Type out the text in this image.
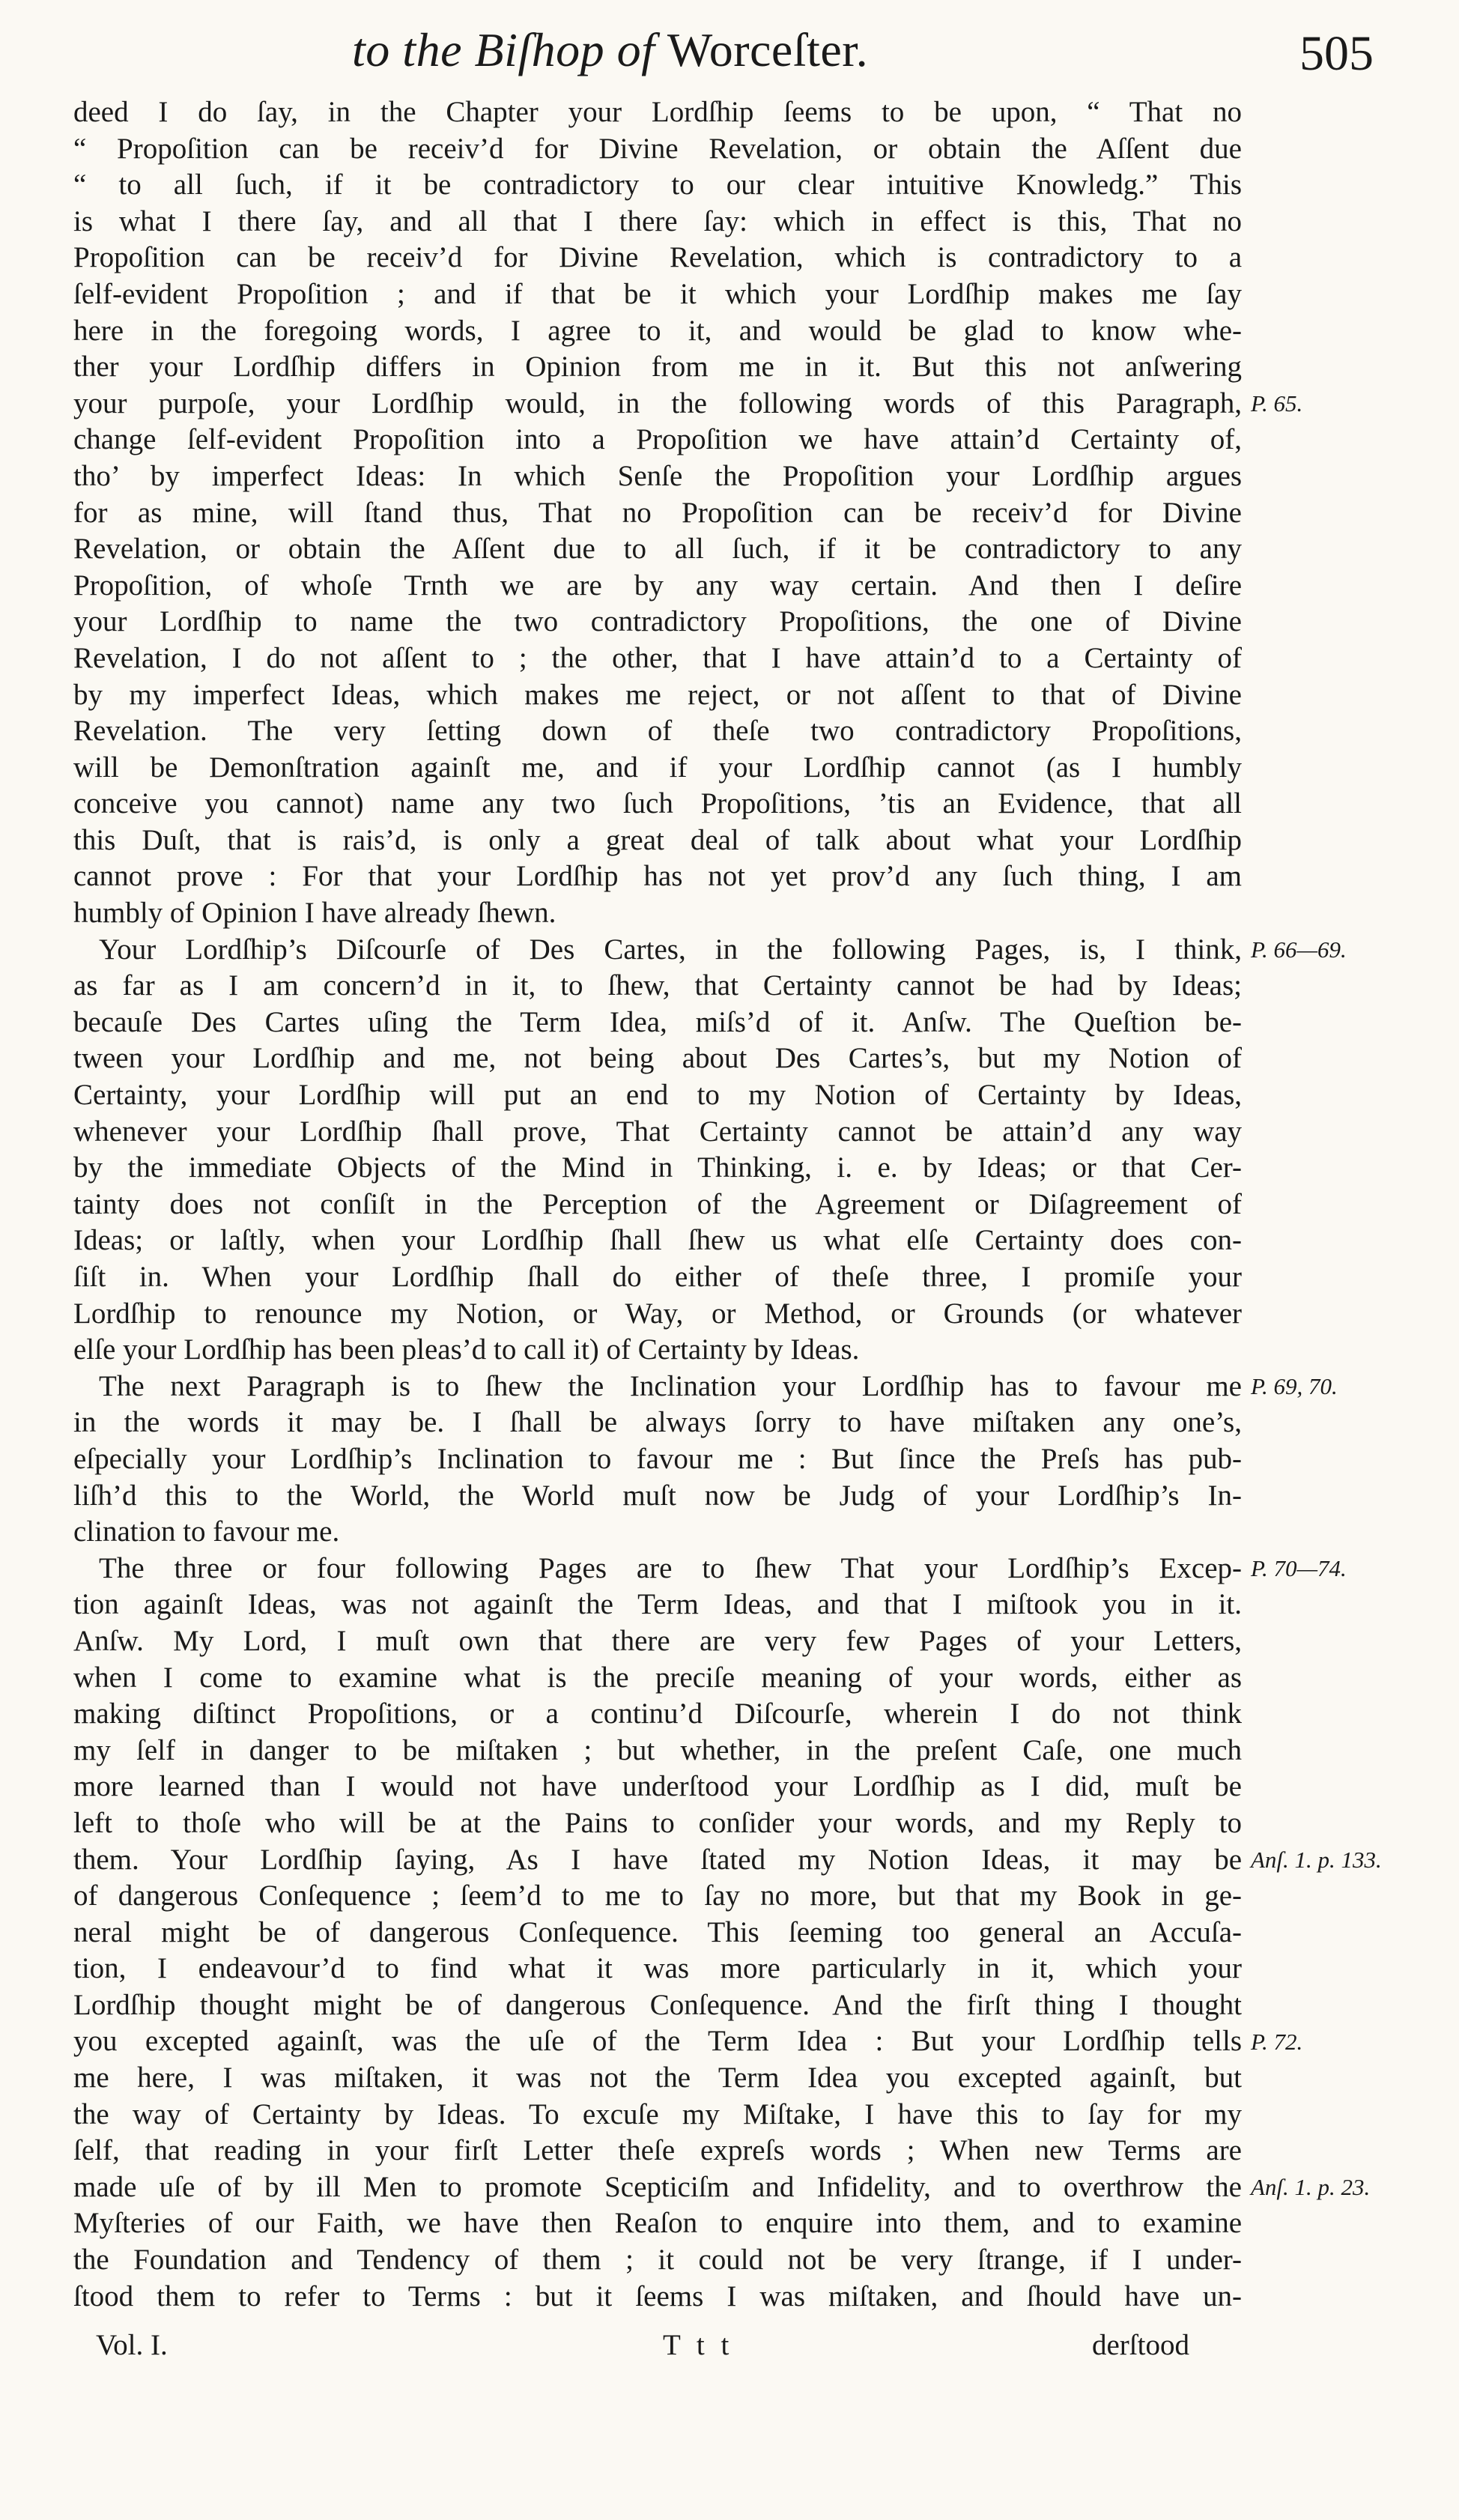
to the Biſhop of Worceſter.	505
deed I do ſay, in the Chapter your Lordſhip ſeems to be upon, “ That no
“ Propoſition can be receiv’d for Divine Revelation, or obtain the Aſſent due
“ to all ſuch, if it be contradictory to our clear intuitive Knowledg.” This
is what I there ſay, and all that I there ſay: which in effect is this, That no
Propoſition can be receiv’d for Divine Revelation, which is contradictory to a
ſelf-evident Propoſition ; and if that be it which your Lordſhip makes me ſay
here in the foregoing words, I agree to it, and would be glad to know whe-
ther your Lordſhip differs in Opinion from me in it. But this not anſwering
your purpoſe, your Lordſhip would, in the following words of this Paragraph,
change ſelf-evident Propoſition into a Propoſition we have attain’d Certainty of,
tho’ by imperfect Ideas: In which Senſe the Propoſition your Lordſhip argues
for as mine, will ſtand thus, That no Propoſition can be receiv’d for Divine
Revelation, or obtain the Aſſent due to all ſuch, if it be contradictory to any
Propoſition, of whoſe Trnth we are by any way certain. And then I deſire
your Lordſhip to name the two contradictory Propoſitions, the one of Divine
Revelation, I do not aſſent to ; the other, that I have attain’d to a Certainty of
by my imperfect Ideas, which makes me reject, or not aſſent to that of Divine
Revelation. The very ſetting down of theſe two contradictory Propoſitions,
will be Demonſtration againſt me, and if your Lordſhip cannot (as I humbly
conceive you cannot) name any two ſuch Propoſitions, ’tis an Evidence, that all
this Duſt, that is rais’d, is only a great deal of talk about what your Lordſhip
cannot prove : For that your Lordſhip has not yet prov’d any ſuch thing, I am
humbly of Opinion I have already ſhewn.
Your Lordſhip’s Diſcourſe of Des Cartes, in the following Pages, is, I think,
as far as I am concern’d in it, to ſhew, that Certainty cannot be had by Ideas;
becauſe Des Cartes uſing the Term Idea, miſs’d of it. Anſw. The Queſtion be-
tween your Lordſhip and me, not being about Des Cartes’s, but my Notion of
Certainty, your Lordſhip will put an end to my Notion of Certainty by Ideas,
whenever your Lordſhip ſhall prove, That Certainty cannot be attain’d any way
by the immediate Objects of the Mind in Thinking, i. e. by Ideas; or that Cer-
tainty does not conſiſt in the Perception of the Agreement or Diſagreement of
Ideas; or laſtly, when your Lordſhip ſhall ſhew us what elſe Certainty does con-
ſiſt in. When your Lordſhip ſhall do either of theſe three, I promiſe your
Lordſhip to renounce my Notion, or Way, or Method, or Grounds (or whatever
elſe your Lordſhip has been pleas’d to call it) of Certainty by Ideas.
The next Paragraph is to ſhew the Inclination your Lordſhip has to favour me
in the words it may be. I ſhall be always ſorry to have miſtaken any one’s,
eſpecially your Lordſhip’s Inclination to favour me : But ſince the Preſs has pub-
liſh’d this to the World, the World muſt now be Judg of your Lordſhip’s In-
clination to favour me.
The three or four following Pages are to ſhew That your Lordſhip’s Excep-
tion againſt Ideas, was not againſt the Term Ideas, and that I miſtook you in it.
Anſw. My Lord, I muſt own that there are very few Pages of your Letters,
when I come to examine what is the preciſe meaning of your words, either as
making diſtinct Propoſitions, or a continu’d Diſcourſe, wherein I do not think
my ſelf in danger to be miſtaken ; but whether, in the preſent Caſe, one much
more learned than I would not have underſtood your Lordſhip as I did, muſt be
left to thoſe who will be at the Pains to conſider your words, and my Reply to
them. Your Lordſhip ſaying, As I have ſtated my Notion Ideas, it may be
of dangerous Conſequence ; ſeem’d to me to ſay no more, but that my Book in ge-
neral might be of dangerous Conſequence. This ſeeming too general an Accuſa-
tion, I endeavour’d to find what it was more particularly in it, which your
Lordſhip thought might be of dangerous Conſequence. And the firſt thing I thought
you excepted againſt, was the uſe of the Term Idea : But your Lordſhip tells
me here, I was miſtaken, it was not the Term Idea you excepted againſt, but
the way of Certainty by Ideas. To excuſe my Miſtake, I have this to ſay for my
ſelf, that reading in your firſt Letter theſe expreſs words ; When new Terms are
made uſe of by ill Men to promote Scepticiſm and Infidelity, and to overthrow the
Myſteries of our Faith, we have then Reaſon to enquire into them, and to examine
the Foundation and Tendency of them ; it could not be very ſtrange, if I under-
ſtood them to refer to Terms : but it ſeems I was miſtaken, and ſhould have un-
P. 65.
P. 66—69.
P. 69, 70.
P. 70—74.
Anſ. 1. p. 133.
P. 72.
Anſ. 1. p. 23.
Vol. I.	T t t	derſtood
